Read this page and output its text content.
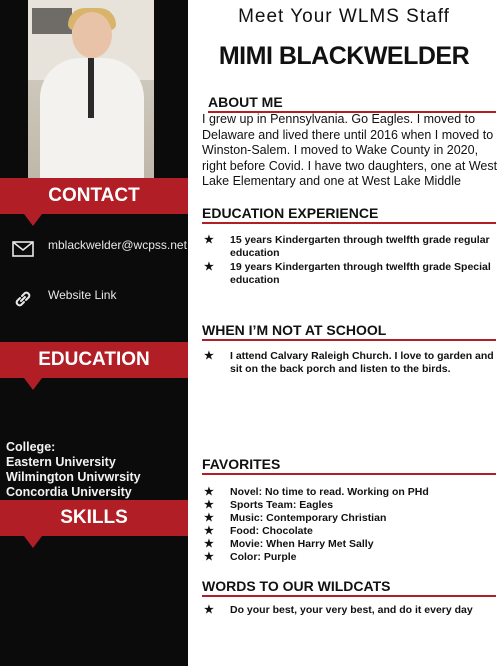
CONTACT
mblackwelder@wcpss.net
Website Link
EDUCATION
College:
Eastern University
Wilmington Univwrsity
Concordia University
SKILLS
Meet Your WLMS Staff
MIMI BLACKWELDER
ABOUT ME
I grew up in Pennsylvania. Go Eagles. I moved to Delaware and lived there until 2016 when I moved to Winston-Salem. I moved to Wake County in 2020, right before Covid. I have two daughters, one at West Lake Elementary and one at West Lake Middle
EDUCATION EXPERIENCE
★ 15 years Kindergarten through twelfth grade regular education
★ 19 years Kindergarten through twelfth grade Special education
WHEN I’M NOT AT SCHOOL
★ I attend Calvary Raleigh Church. I love to garden and sit on the back porch and listen to the birds.
FAVORITES
★ Novel: No time to read. Working on PHd
★ Sports Team: Eagles
★ Music: Contemporary Christian
★ Food: Chocolate
★ Movie: When Harry Met Sally
★ Color: Purple
WORDS TO OUR WILDCATS
★ Do your best, your very best, and do it every day
